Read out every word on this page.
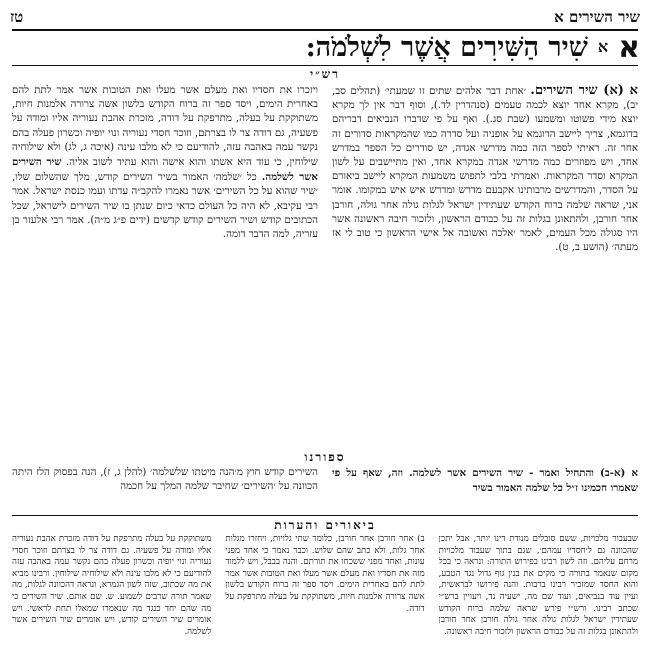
שיר השירים א
טז
א
א
שִׁיר הַשִּׁירִים אֲשֶׁר לִשְׁלֹמֹה:
רש״י
א (א) שיר השירים. ׳אחת דבר אלהים שתים זו שמעתי׳ (תהלים סב, יב), מקרא אחד יוצא לכמה טעמים (סנהדרין לד.), וסוף דבר אין לך מקרא יוצא מידי פשוטו ומשמעו (שבת סג.). ואף על פי שדברו הנביאים דבריהם בדוגמא, צריך ליישב הדוגמא על אופניה ועל סדרה כמו שהמקראות סדורים זה אחר זה. ראיתי לספר הזה כמה מדרשי אגדה, יש סודרים כל הספר במדרש אחד, ויש מפוזרים כמה מדרשי אגדה במקרא אחד, ואין מתיישבים על לשון המקרא וסדר המקראות. ואמרתי בלבי לתפוש משמעות המקרא ליישב ביאורם על הסדר, והמדרשים מרבותינו אקבעם מדרש ומדרש איש איש במקומו. אומר אני, שראה שלמה ברוח הקודש שעתידין ישראל לגלות גולה אחר גולה, חורבן אחר חורבן, ולהתאונן בגלות זה על כבודם הראשון, ולזכור חיבה ראשונה אשר היו סגולה מכל העמים, לאמר ׳אלכה ואשובה אל אישי הראשון כי טוב לי אז מעתה׳ (הושע ב, ט).
ויזכרו את חסדיו ואת מעלם אשר מעלו ואת הטובות אשר אמר לתת להם באחרית הימים, ויסד ספר זה ברוח הקודש בלשון אשה צרורה אלמנות חיות, משתוקקת על בעלה, מתרפקת על דודה, מזכרת אהבת נעוריה אליו ומודה על פשעיה, גם דודה צר לו בצרתם, וזוכר חסדי נעוריה ונוי יופיה וכשרון פעלה בהם נקשר עמה באהבה עזה, להודיעם כי לא מלבו עינה (איכה ג, לג) ולא שילוחיה שילוחין, כי עוד היא אשתו והוא אישה והוא עתיד לשוב אליה. שיר השירים אשר לשלמה. כל ׳שלמה׳ האמור בשיר השירים קודש, מלך שהשלום שלו, ׳שיר שהוא על כל השירים׳ אשר נאמרו להקב״ה עדתו ועמו כנסת ישראל. אמר רבי עקיבא, לא היה כל העולם כדאי כיום שנתן בו שיר השירים לישראל, שכל הכתובים קודש ושיר השירים קודש קדשים (ידים פ״ג מ״ה). אמר רבי אלעזר בן עזריה, למה הדבר דומה.
ספורנו
א (א-ב) והתחיל ואמר - שיר השירים אשר לשלמה. וזה, שאף על פי שאמרו חכמינו ז״ל כל שלמה האמור בשיר
השירים קודש חוץ מ׳הנה מיטתו שלשלמה׳ (להלן ג, ז), הנה בפסוק הלז היתה הכוונה על ׳השירים׳ שחיבר שלמה המלך על חכמה
ביאורים והערות
שבעבור מלכויות, ששם סובלים מנודת דינו יותר, אבל יתכן שהכוונה גם ל׳חסדיו עמהם׳, שגם בתוך שעבוד מלכויות מרחם עליהם. וזה לשון רבינו בפירוש התורה: ונראה כי בכל מקום שנאמר בתורה כי מקים את בנין גוף גדול נגד הטבע, והוא החסד שמזכיר רבינו ברבות. והנה פירושו לבראשית, ועיין עוד בנביאים, ועוד שם מה, ישעיה נד, ויעויין ברש״י שכתב רבינו. ורש״י פירש שראה שלמה ברוח הקודש שעתידין ישראל לגלות גולה אחר גולה חורבן אחר חורבן ולהתאונן בגלות זה על כבודם הראשון ולזכור חיבה ראשונה.
ב) אחר חורבן אחר חורבן, כלומר שתי גלויות, ויחזרו מגלות אחר גלות, ולא כתב שהם שלוש. וכבר נאמר כי אחד מפני עונות, ואחד מפני ששכחו את תורתם. והנה בבבל, ויש ללמוד מזה את חסדיו ואת מעלם אשר מעלו ואת הטובות אשר אמר לתת להם באחרית הימים. ויסד ספר זה ברוח הקודש בלשון אשה צרורה אלמנות חיות, משתוקקת על בעלה מתרפקת על דודה.
משתוקקת על בעלה מתרפקת על דודה מזכרת אהבת נעוריה אליו ומודה על פשעיה. גם דודה צר לו בצרתם וזוכר חסדי נעוריה ונוי יופיה וכשרון פעלה בהם נקשר עמה באהבה עזה להודיעם כי לא מלבו עינה ולא שילוחיה שילוחין. ורבינו מביא את מה שכתוב, שזה לשון הגמרא, ונראה דהכוונה לגלות, מה שאמר תורה שרבים לשמוע. ש. שם אותם. שיר השירים כי מה שהם יחד כנגד מה שנאמרו שמאלו תחת לראשי. ויש אומרים שיר השירים קודש, ויש אומרים שיר השירים אשר לשלמה.
